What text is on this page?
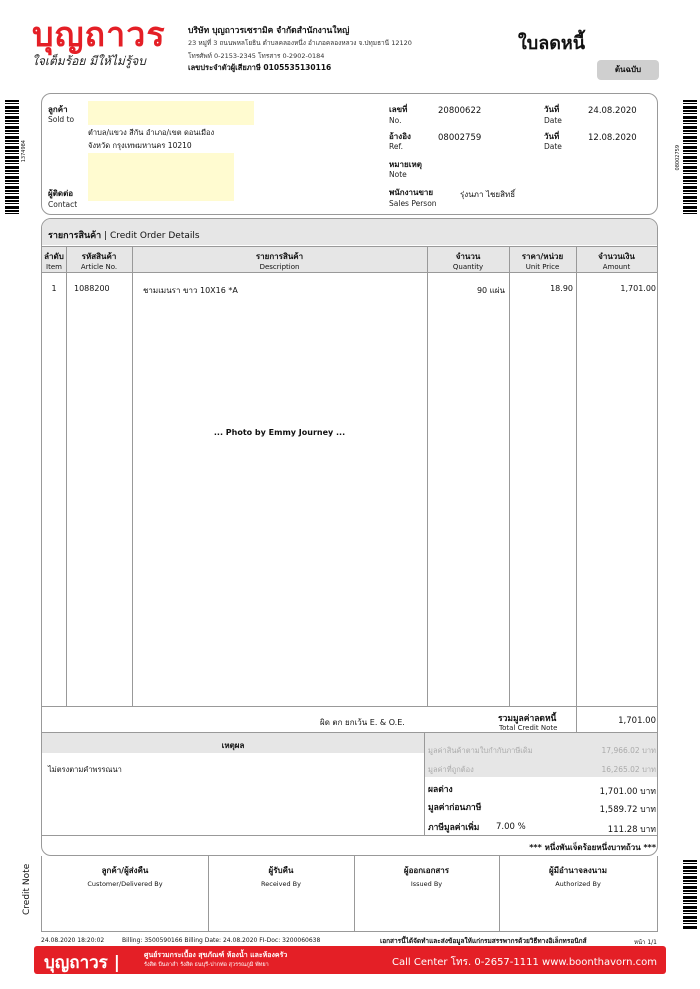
บุญถาวร
ใจเต็มร้อย มีให้ไม่รู้จบ
บริษัท บุญถาวรเซรามิค จำกัดสำนักงานใหญ่
23 หมู่ที่ 3 ถนนพหลโยธิน ตำบลคลองหนึ่ง อำเภอคลองหลวง จ.ปทุมธานี 12120
โทรศัพท์ 0-2153-2345 โทรสาร 0-2902-0184
เลขประจำตัวผู้เสียภาษี 0105535130116
ใบลดหนี้
ต้นฉบับ
1374984	08002759
ลูกค้า
Sold to
ตำบล/แขวง สีกัน อำเภอ/เขต ดอนเมือง
จังหวัด กรุงเทพมหานคร 10210
ผู้ติดต่อ
Contact
เลขที่
No.
20800622	วันที่
Date
24.08.2020
อ้างอิง
Ref.
08002759	วันที่
Date
12.08.2020
หมายเหตุ
Note
พนักงานขาย
Sales Person
รุ่งนภา ไชยสิทธิ์
รายการสินค้า | Credit Order Details
ลำดับ
Item
รหัสสินค้า
Article No.
รายการสินค้า
Description
จำนวน
Quantity
ราคา/หน่วย
Unit Price
จำนวนเงิน
Amount
1	1088200	ชามเมนรา ขาว 10X16 *A	90 แผ่น	18.90	1,701.00
... Photo by Emmy Journey ...
ผิด ตก ยกเว้น E. & O.E.	รวมมูลค่าลดหนี้
Total Credit Note
1,701.00
เหตุผล
ไม่ตรงตามคำพรรณนา
มูลค่าสินค้าตามใบกำกับภาษีเดิม	17,966.02 บาท
มูลค่าที่ถูกต้อง	16,265.02 บาท
ผลต่าง	1,701.00 บาท
มูลค่าก่อนภาษี	1,589.72 บาท
ภาษีมูลค่าเพิ่ม 7.00 %	111.28 บาท
*** หนึ่งพันเจ็ดร้อยหนึ่งบาทถ้วน ***
ลูกค้า/ผู้ส่งคืน
Customer/Delivered By
ผู้รับคืน
Received By
ผู้ออกเอกสาร
Issued By
ผู้มีอำนาจลงนาม
Authorized By
Credit Note
24.08.2020 18:20:02	Billing: 3500590166 Billing Date: 24.08.2020 FI-Doc: 3200060638	เอกสารนี้ได้จัดทำและส่งข้อมูลให้แก่กรมสรรพากรด้วยวิธีทางอิเล็กทรอนิกส์	หน้า 1/1
บุญถาวร |	ศูนย์รวมกระเบื้อง สุขภัณฑ์ ห้องน้ำ และห้องครัว
รังสิต บีนลาสำ รังสิต ธนบุรี-ปากท่อ สุวรรณภูมิ พัทยา	Call Center โทร. 0-2657-1111 www.boonthavorn.com
